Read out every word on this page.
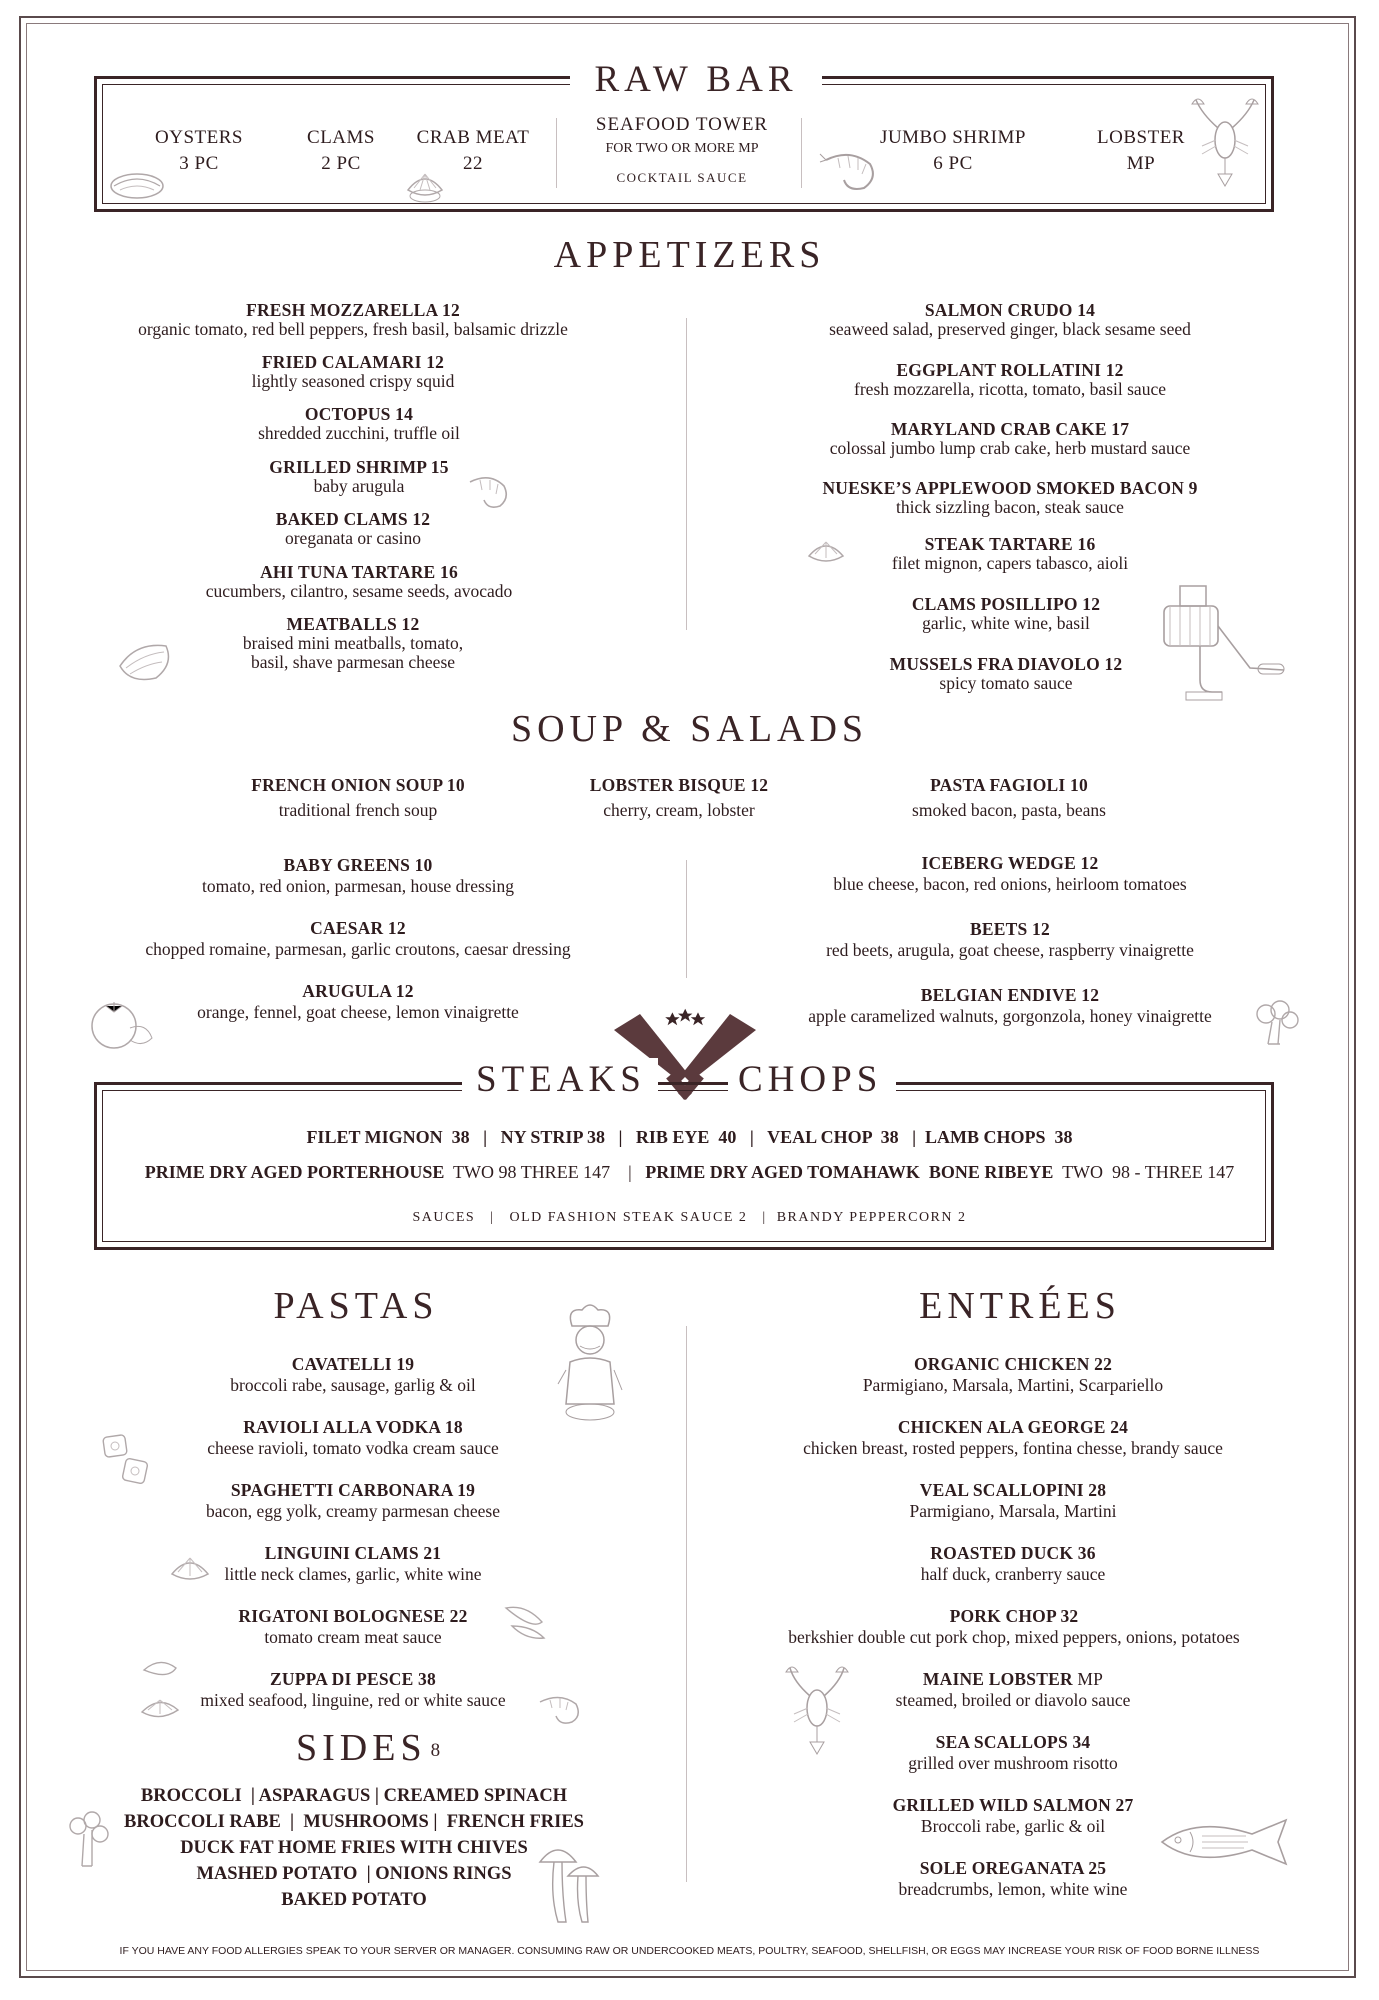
RAW BAR
OYSTERS
3 PC
CLAMS
2 PC
CRAB MEAT
22
SEAFOOD TOWER
FOR TWO OR MORE MP
COCKTAIL SAUCE
JUMBO SHRIMP
6 PC
LOBSTER
MP
APPETIZERS
FRESH MOZZARELLA 12
organic tomato, red bell peppers, fresh basil, balsamic drizzle
FRIED CALAMARI 12
lightly seasoned crispy squid
OCTOPUS 14
shredded zucchini, truffle oil
GRILLED SHRIMP 15
baby arugula
BAKED CLAMS 12
oreganata or casino
AHI TUNA TARTARE 16
cucumbers, cilantro, sesame seeds, avocado
MEATBALLS 12
braised mini meatballs, tomato,
basil, shave parmesan cheese
SALMON CRUDO 14
seaweed salad, preserved ginger, black sesame seed
EGGPLANT ROLLATINI 12
fresh mozzarella, ricotta, tomato, basil sauce
MARYLAND CRAB CAKE 17
colossal jumbo lump crab cake, herb mustard sauce
NUESKE’S APPLEWOOD SMOKED BACON 9
thick sizzling bacon, steak sauce
STEAK TARTARE 16
filet mignon, capers tabasco, aioli
CLAMS POSILLIPO 12
garlic, white wine, basil
MUSSELS FRA DIAVOLO 12
spicy tomato sauce
SOUP & SALADS
FRENCH ONION SOUP 10
traditional french soup
LOBSTER BISQUE 12
cherry, cream, lobster
PASTA FAGIOLI 10
smoked bacon, pasta, beans
BABY GREENS 10
tomato, red onion, parmesan, house dressing
CAESAR 12
chopped romaine, parmesan, garlic croutons, caesar dressing
ARUGULA 12
orange, fennel, goat cheese, lemon vinaigrette
ICEBERG WEDGE 12
blue cheese, bacon, red onions, heirloom tomatoes
BEETS 12
red beets, arugula, goat cheese, raspberry vinaigrette
BELGIAN ENDIVE 12
apple caramelized walnuts, gorgonzola, honey vinaigrette
STEAKS	CHOPS
FILET MIGNON  38   |   NY STRIP 38   |   RIB EYE  40   |   VEAL CHOP  38   |  LAMB CHOPS  38
PRIME DRY AGED PORTERHOUSE  TWO 98 THREE 147    |   PRIME DRY AGED TOMAHAWK  BONE RIBEYE  TWO  98 - THREE 147
SAUCES   |   OLD FASHION STEAK SAUCE 2   |  BRANDY PEPPERCORN 2
PASTAS
CAVATELLI 19
broccoli rabe, sausage, garlig & oil
RAVIOLI ALLA VODKA 18
cheese ravioli, tomato vodka cream sauce
SPAGHETTI CARBONARA 19
bacon, egg yolk, creamy parmesan cheese
LINGUINI CLAMS 21
little neck clames, garlic, white wine
RIGATONI BOLOGNESE 22
tomato cream meat sauce
ZUPPA DI PESCE 38
mixed seafood, linguine, red or white sauce
SIDES 8
BROCCOLI  | ASPARAGUS | CREAMED SPINACH
BROCCOLI RABE  |  MUSHROOMS |  FRENCH FRIES
DUCK FAT HOME FRIES WITH CHIVES
MASHED POTATO  | ONIONS RINGS
BAKED POTATO
ENTRÉES
ORGANIC CHICKEN 22
Parmigiano, Marsala, Martini, Scarpariello
CHICKEN ALA GEORGE 24
chicken breast, rosted peppers, fontina chesse, brandy sauce
VEAL SCALLOPINI 28
Parmigiano, Marsala, Martini
ROASTED DUCK 36
half duck, cranberry sauce
PORK CHOP 32
berkshier double cut pork chop, mixed peppers, onions, potatoes
MAINE LOBSTER MP
steamed, broiled or diavolo sauce
SEA SCALLOPS 34
grilled over mushroom risotto
GRILLED WILD SALMON 27
Broccoli rabe, garlic & oil
SOLE OREGANATA 25
breadcrumbs, lemon, white wine
IF YOU HAVE ANY FOOD ALLERGIES SPEAK TO YOUR SERVER OR MANAGER. CONSUMING RAW OR UNDERCOOKED MEATS, POULTRY, SEAFOOD, SHELLFISH, OR EGGS MAY INCREASE YOUR RISK OF FOOD BORNE ILLNESS
